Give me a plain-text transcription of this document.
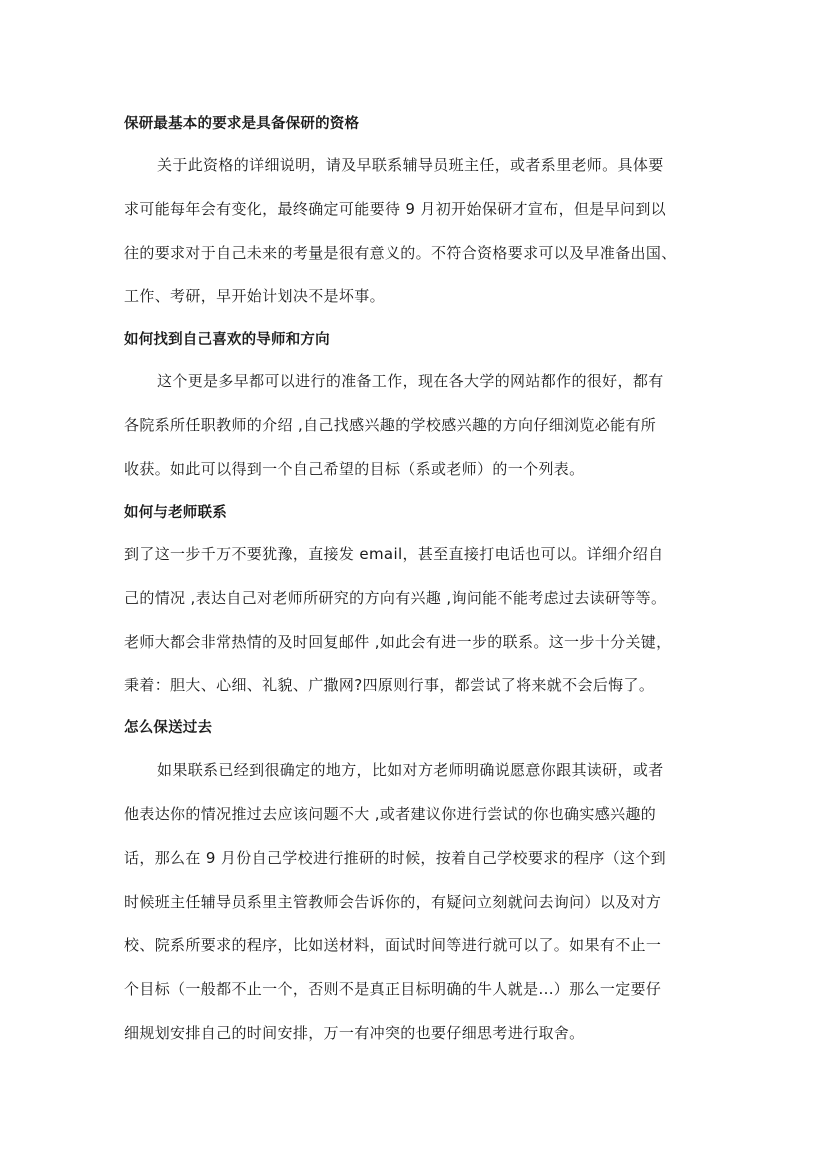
保研最基本的要求是具备保研的资格
关于此资格的详细说明，请及早联系辅导员班主任，或者系里老师。具体要
求可能每年会有变化，最终确定可能要待 9 月初开始保研才宣布，但是早问到以
往的要求对于自己未来的考量是很有意义的。不符合资格要求可以及早准备出国、
工作、考研，早开始计划决不是坏事。
如何找到自己喜欢的导师和方向
这个更是多早都可以进行的准备工作，现在各大学的网站都作的很好，都有
各院系所任职教师的介绍 ,自己找感兴趣的学校感兴趣的方向仔细浏览必能有所
收获。如此可以得到一个自己希望的目标（系或老师）的一个列表。
如何与老师联系
到了这一步千万不要犹豫，直接发 email，甚至直接打电话也可以。详细介绍自
己的情况 ,表达自己对老师所研究的方向有兴趣 ,询问能不能考虑过去读研等等。
老师大都会非常热情的及时回复邮件 ,如此会有进一步的联系。这一步十分关键，
秉着：胆大、心细、礼貌、广撒网?四原则行事，都尝试了将来就不会后悔了。
怎么保送过去
如果联系已经到很确定的地方，比如对方老师明确说愿意你跟其读研，或者
他表达你的情况推过去应该问题不大 ,或者建议你进行尝试的你也确实感兴趣的
话，那么在 9 月份自己学校进行推研的时候，按着自己学校要求的程序（这个到
时候班主任辅导员系里主管教师会告诉你的，有疑问立刻就问去询问）以及对方
校、院系所要求的程序，比如送材料，面试时间等进行就可以了。如果有不止一
个目标（一般都不止一个，否则不是真正目标明确的牛人就是...）那么一定要仔
细规划安排自己的时间安排，万一有冲突的也要仔细思考进行取舍。
